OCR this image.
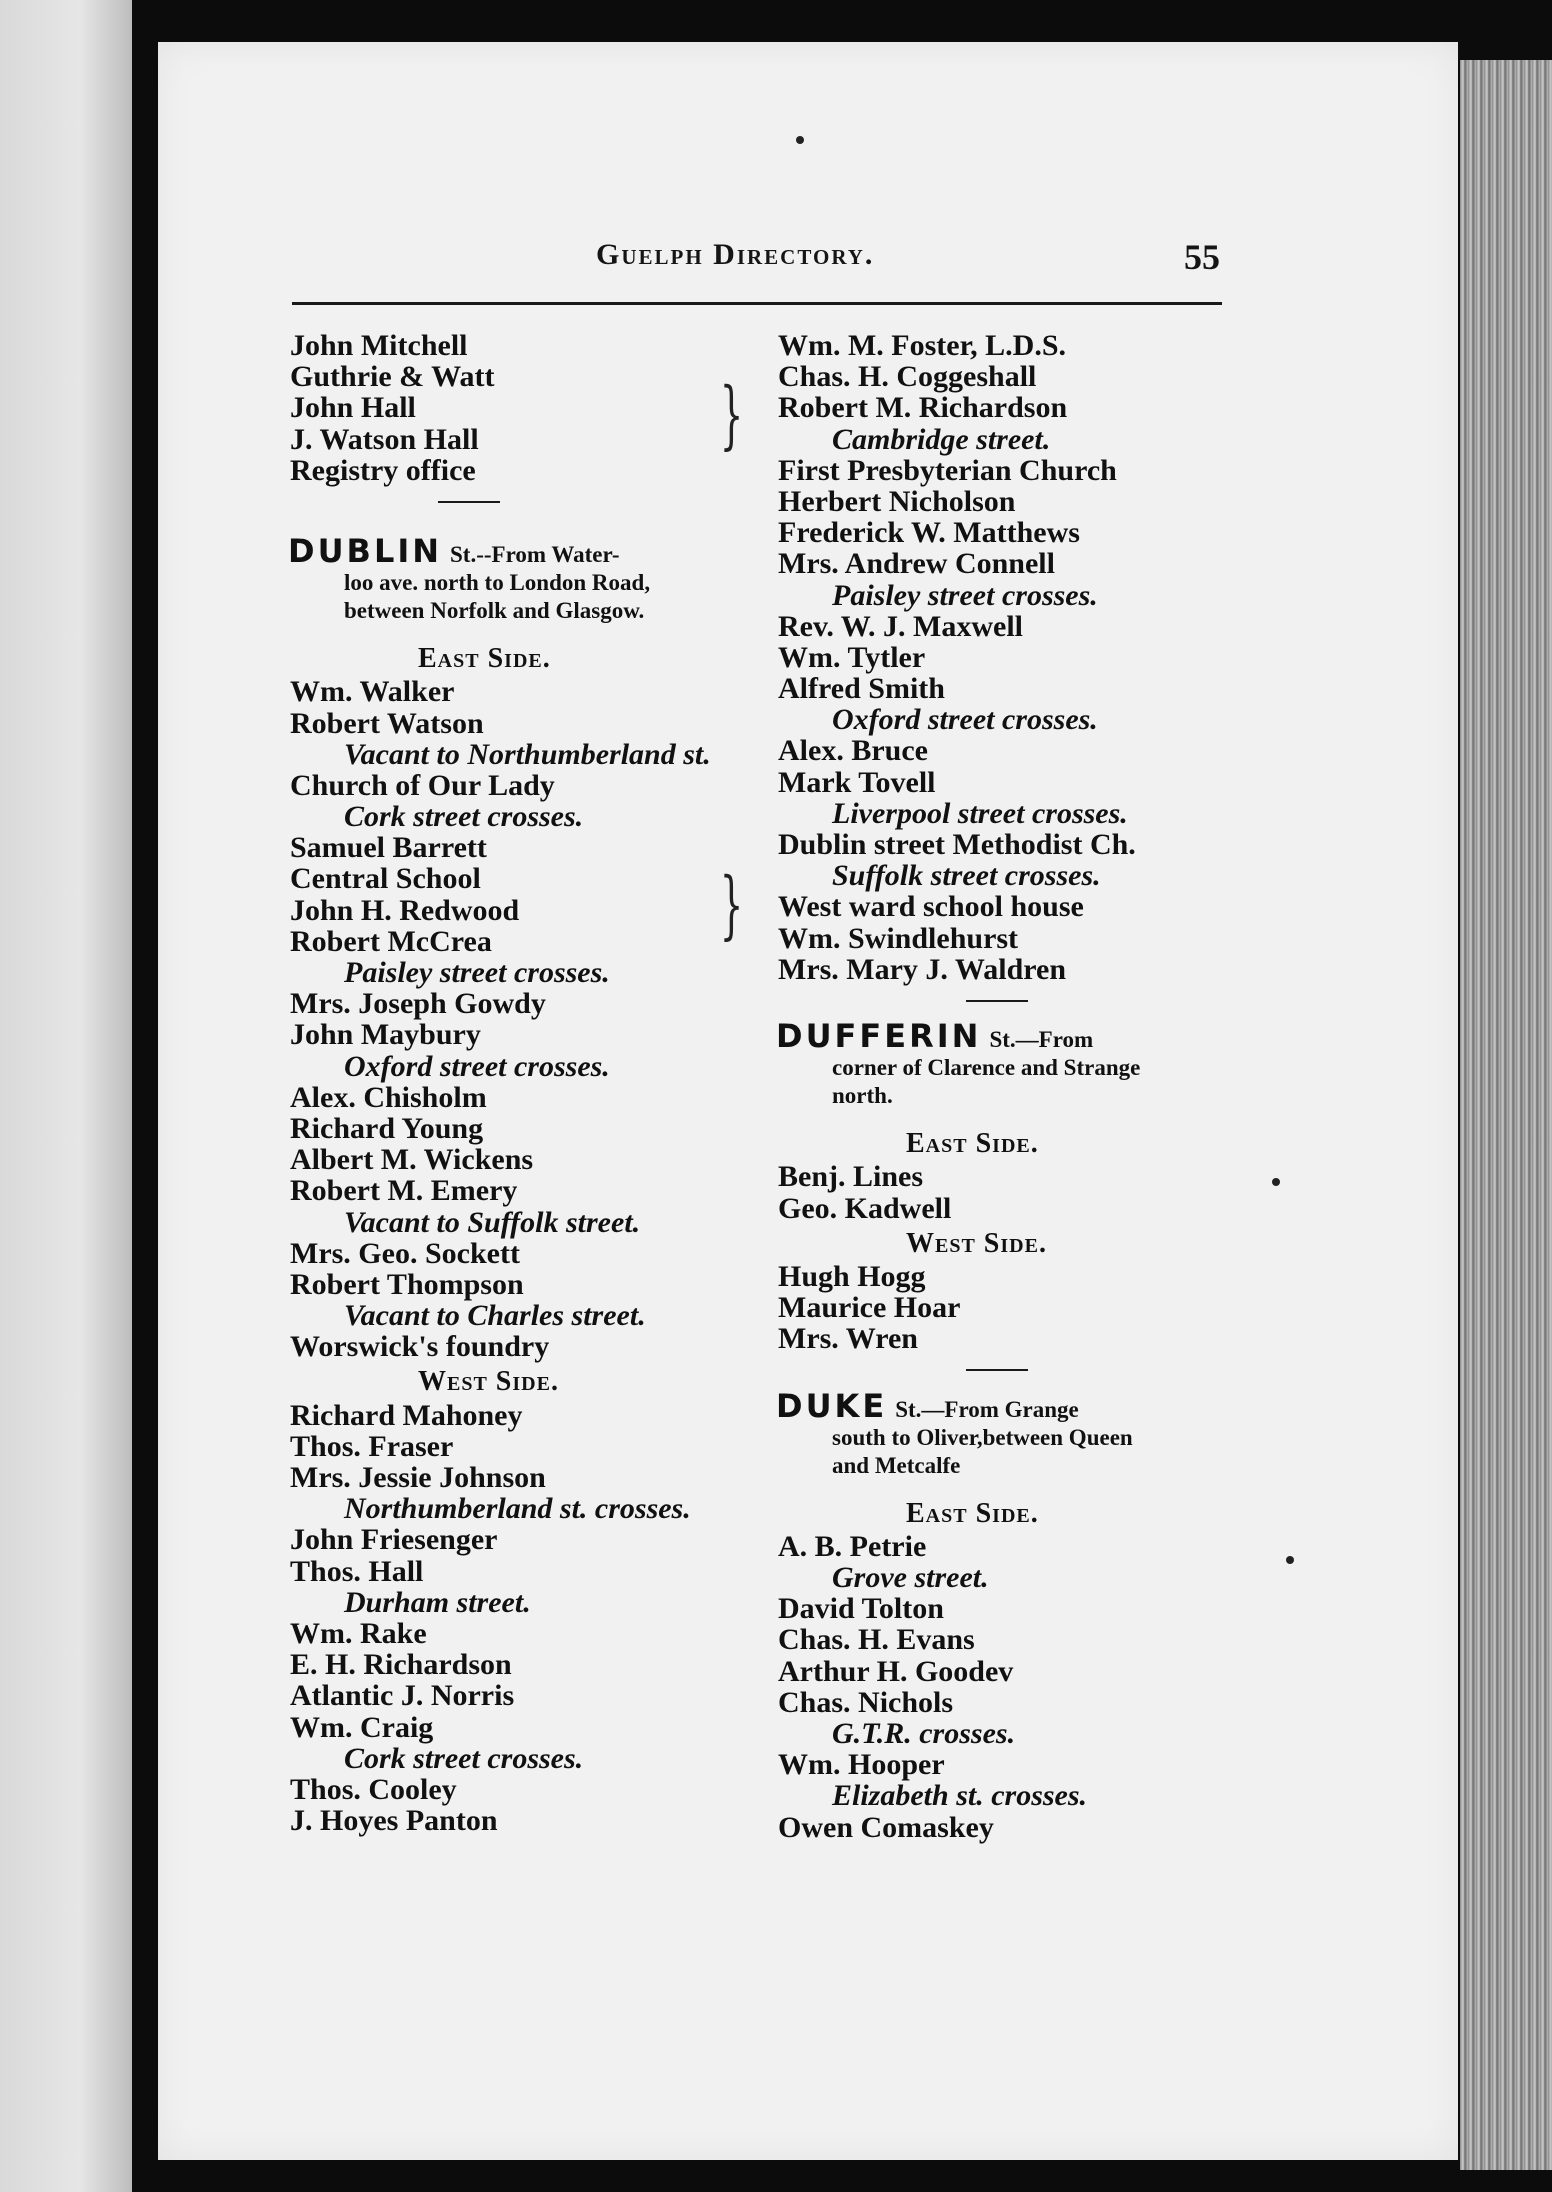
Guelph Directory.	55
John Mitchell
Guthrie & Watt
John Hall
J. Watson Hall
Registry office
DUBLIN St.--From Water-
loo ave. north to London Road,
between Norfolk and Glasgow.
East Side.
Wm. Walker
Robert Watson
Vacant to Northumberland st.
Church of Our Lady
Cork street crosses.
Samuel Barrett
Central School
John H. Redwood
Robert McCrea
Paisley street crosses.
Mrs. Joseph Gowdy
John Maybury
Oxford street crosses.
Alex. Chisholm
Richard Young
Albert M. Wickens
Robert M. Emery
Vacant to Suffolk street.
Mrs. Geo. Sockett
Robert Thompson
Vacant to Charles street.
Worswick's foundry
West Side.
Richard Mahoney
Thos. Fraser
Mrs. Jessie Johnson
Northumberland st. crosses.
John Friesenger
Thos. Hall
Durham street.
Wm. Rake
E. H. Richardson
Atlantic J. Norris
Wm. Craig
Cork street crosses.
Thos. Cooley
J. Hoyes Panton
Wm. M. Foster, L.D.S.
Chas. H. Coggeshall
Robert M. Richardson
Cambridge street.
First Presbyterian Church
Herbert Nicholson
Frederick W. Matthews
Mrs. Andrew Connell
Paisley street crosses.
Rev. W. J. Maxwell
Wm. Tytler
Alfred Smith
Oxford street crosses.
Alex. Bruce
Mark Tovell
Liverpool street crosses.
Dublin street Methodist Ch.
Suffolk street crosses.
West ward school house
Wm. Swindlehurst
Mrs. Mary J. Waldren
DUFFERIN St.—From
corner of Clarence and Strange
north.
East Side.
Benj. Lines
Geo. Kadwell
West Side.
Hugh Hogg
Maurice Hoar
Mrs. Wren
DUKE St.—From Grange
south to Oliver,between Queen
and Metcalfe
East Side.
A. B. Petrie
Grove street.
David Tolton
Chas. H. Evans
Arthur H. Goodev
Chas. Nichols
G.T.R. crosses.
Wm. Hooper
Elizabeth st. crosses.
Owen Comaskey
}
}
